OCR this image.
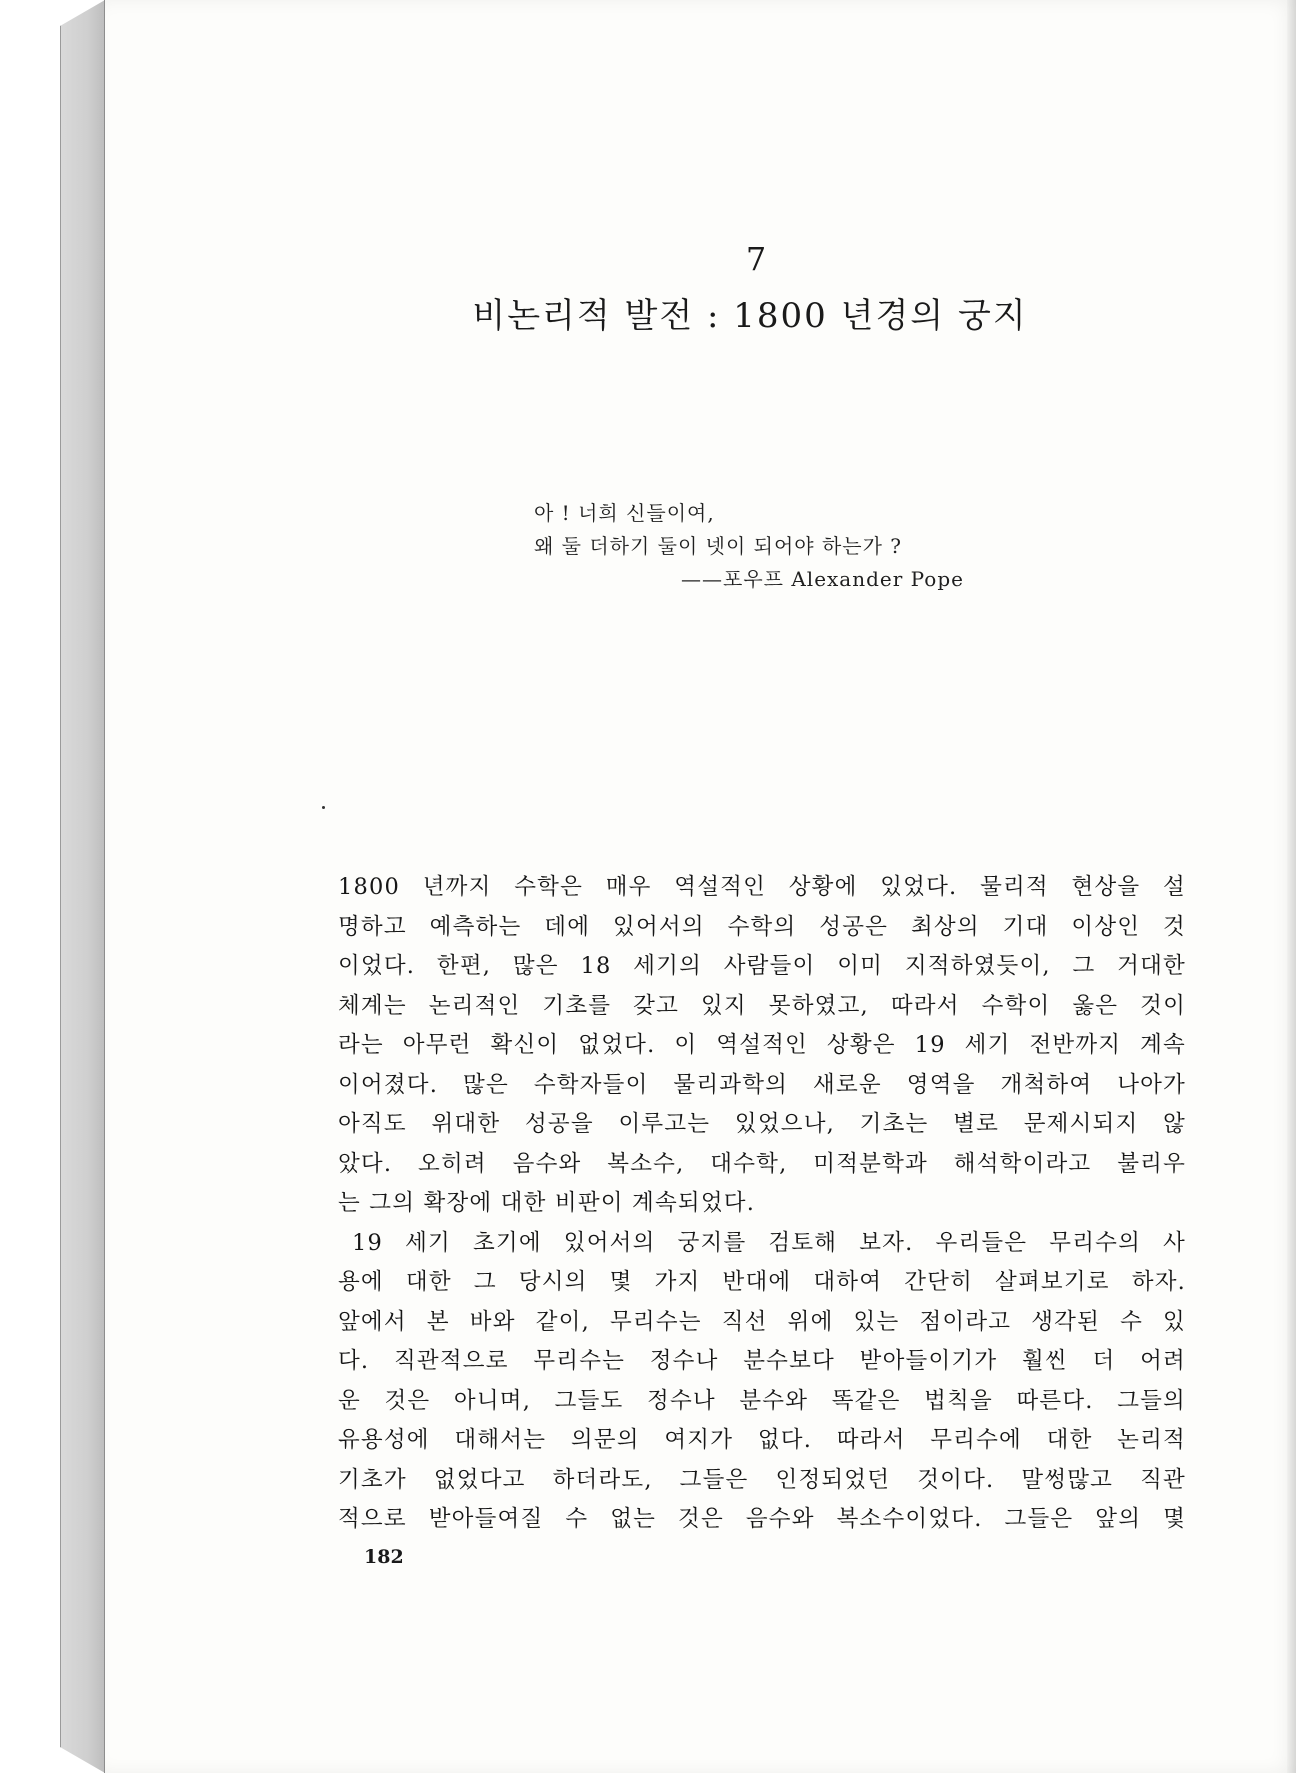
7
비논리적 발전 : 1800 년경의 궁지
아 ! 너희 신들이여,
왜 둘 더하기 둘이 넷이 되어야 하는가 ?
——포우프 Alexander Pope
1800 년까지 수학은 매우 역설적인 상황에 있었다. 물리적 현상을 설
명하고 예측하는 데에 있어서의 수학의 성공은 최상의 기대 이상인 것
이었다. 한편, 많은 18 세기의 사람들이 이미 지적하였듯이, 그 거대한
체계는 논리적인 기초를 갖고 있지 못하였고, 따라서 수학이 옳은 것이
라는 아무런 확신이 없었다. 이 역설적인 상황은 19 세기 전반까지 계속
이어졌다. 많은 수학자들이 물리과학의 새로운 영역을 개척하여 나아가
아직도 위대한 성공을 이루고는 있었으나, 기초는 별로 문제시되지 않
았다. 오히려 음수와 복소수, 대수학, 미적분학과 해석학이라고 불리우
는 그의 확장에 대한 비판이 계속되었다.
19 세기 초기에 있어서의 궁지를 검토해 보자. 우리들은 무리수의 사
용에 대한 그 당시의 몇 가지 반대에 대하여 간단히 살펴보기로 하자.
앞에서 본 바와 같이, 무리수는 직선 위에 있는 점이라고 생각된 수 있
다. 직관적으로 무리수는 정수나 분수보다 받아들이기가 훨씬 더 어려
운 것은 아니며, 그들도 정수나 분수와 똑같은 법칙을 따른다. 그들의
유용성에 대해서는 의문의 여지가 없다. 따라서 무리수에 대한 논리적
기초가 없었다고 하더라도, 그들은 인정되었던 것이다. 말썽많고 직관
적으로 받아들여질 수 없는 것은 음수와 복소수이었다. 그들은 앞의 몇
182
